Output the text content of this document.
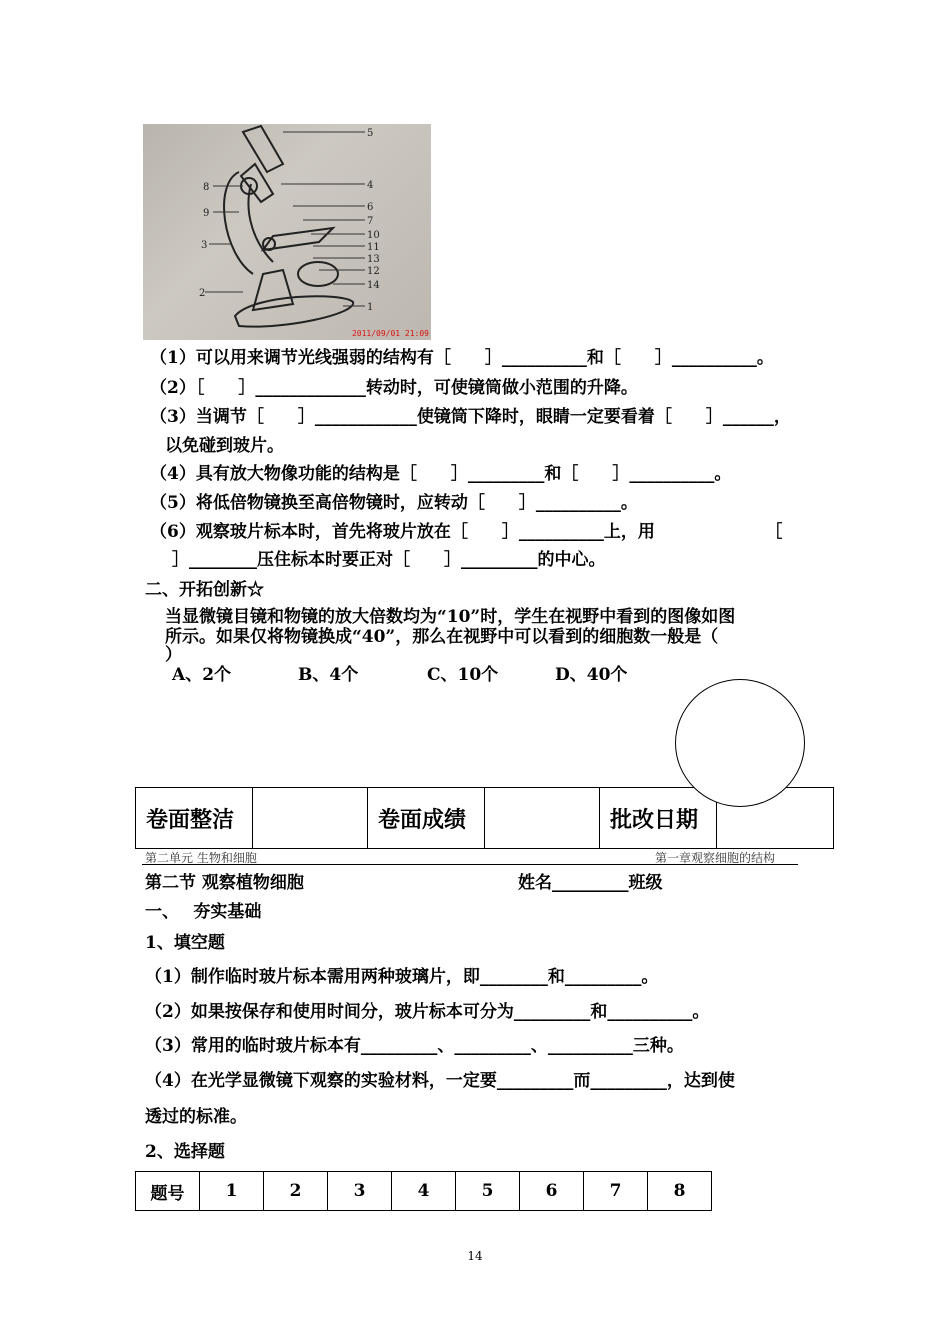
5
4
6
7
10
11
13
12
14
1
8
9
3
2
2011/09/01 21:09
（1）可以用来调节光线强弱的结构有［　　］__________和［　　］__________。
（2）［　　］_____________转动时，可使镜筒做小范围的升降。
（3）当调节［　　］____________使镜筒下降时，眼睛一定要看着［　　］______，
以免碰到玻片。
（4）具有放大物像功能的结构是［　　］_________和［　　］__________。
（5）将低倍物镜换至高倍物镜时，应转动［　　］__________。
（6）观察玻片标本时，首先将玻片放在［　　］__________上，用　　　　　　　［
］________压住标本时要正对［　　］_________的中心。
二、开拓创新☆
当显微镜目镜和物镜的放大倍数均为“10”时，学生在视野中看到的图像如图
所示。如果仅将物镜换成“40”，那么在视野中可以看到的细胞数一般是（
）
A、2个	B、4个	C、10个	D、40个
卷面整洁		卷面成绩		批改日期	
第二单元 生物和细胞	第一章观察细胞的结构
第二节 观察植物细胞	姓名_________班级
一、　 夯实基础
1、填空题
（1）制作临时玻片标本需用两种玻璃片，即________和_________。
（2）如果按保存和使用时间分，玻片标本可分为_________和__________。
（3）常用的临时玻片标本有_________、_________、__________三种。
（4）在光学显微镜下观察的实验材料，一定要_________而_________，达到使
透过的标准。
2、选择题
题号	1	2	3	4	5	6	7	8
14
